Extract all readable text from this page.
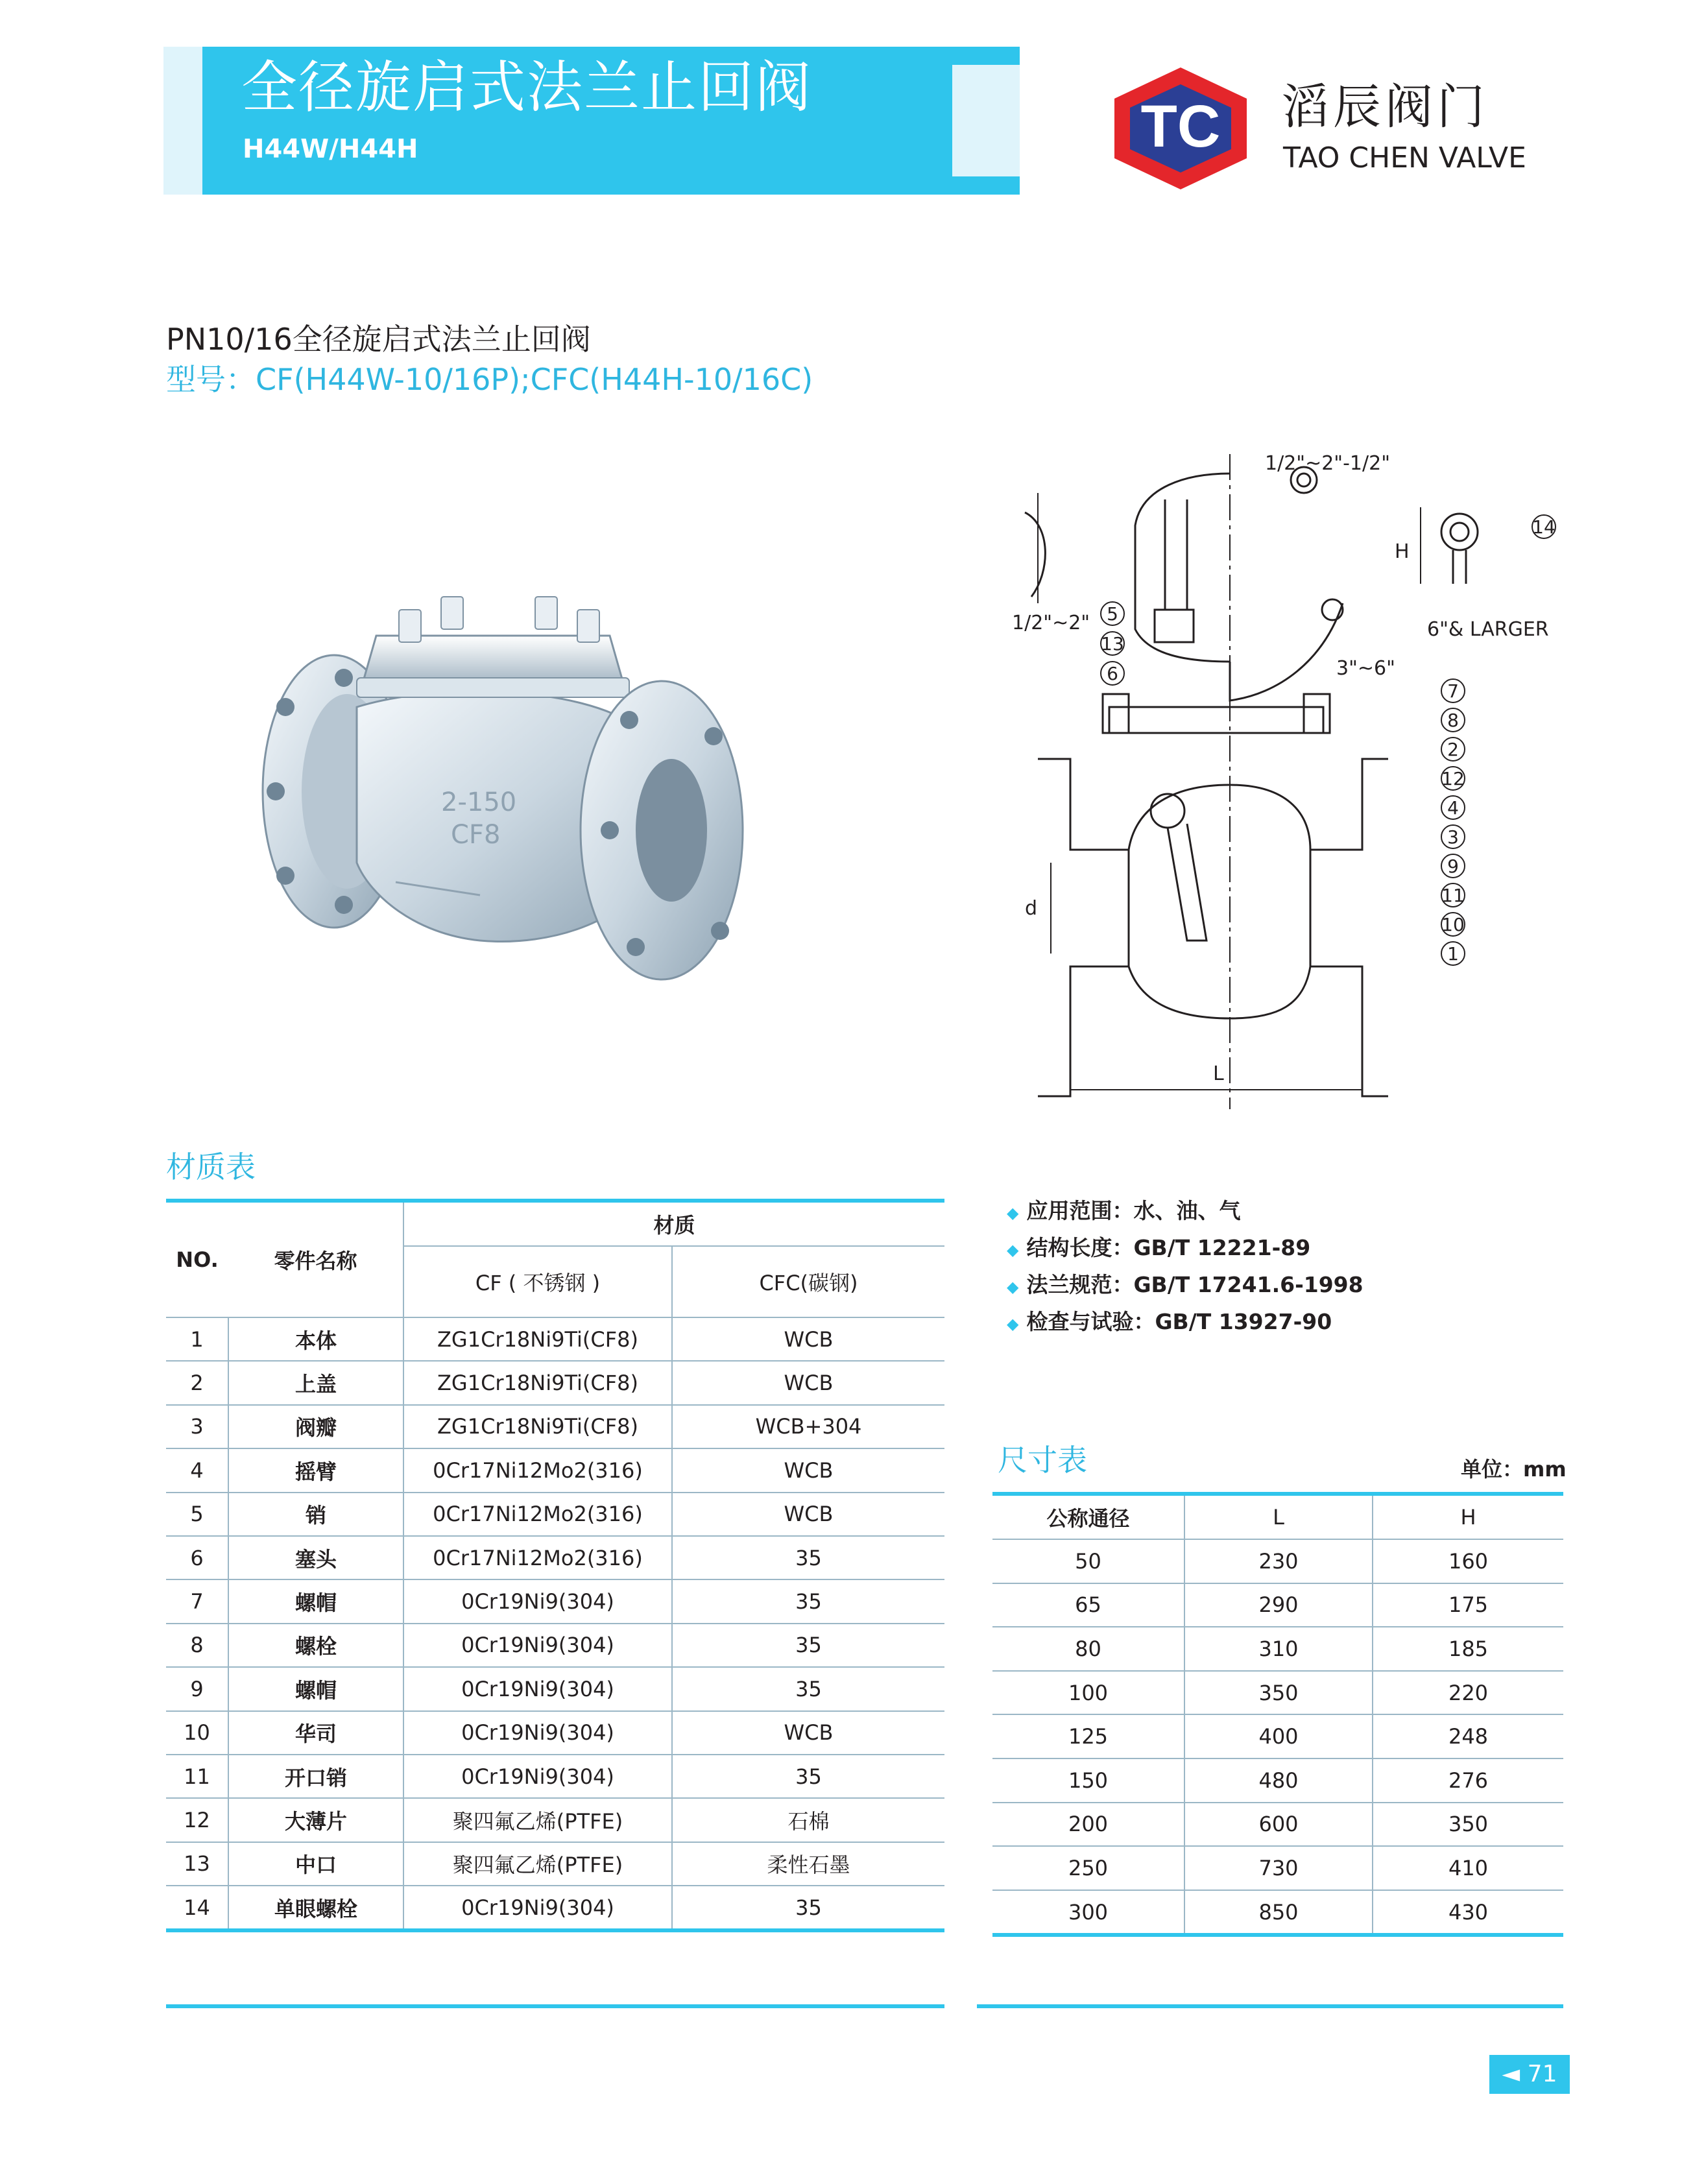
全径旋启式法兰止回阀
H44W/H44H	TC 滔辰阀门
TAO CHEN VALVE
PN10/16全径旋启式法兰止回阀
型号：CF(H44W-10/16P);CFC(H44H-10/16C)
2-150
CF8
1/2"~2"-1/2"
1/2"~2"
3"~6"
6"& LARGER
H
L
d
5
13
6
14
7
8
2
12
4
3
9
11
10
1
材质表
NO.	零件名称	材质	
		CF ( 不锈钢 )	CFC(碳钢)
1	本体	ZG1Cr18Ni9Ti(CF8)	WCB
2	上盖	ZG1Cr18Ni9Ti(CF8)	WCB
3	阀瓣	ZG1Cr18Ni9Ti(CF8)	WCB+304
4	摇臂	0Cr17Ni12Mo2(316)	WCB
5	销	0Cr17Ni12Mo2(316)	WCB
6	塞头	0Cr17Ni12Mo2(316)	35
7	螺帽	0Cr19Ni9(304)	35
8	螺栓	0Cr19Ni9(304)	35
9	螺帽	0Cr19Ni9(304)	35
10	华司	0Cr19Ni9(304)	WCB
11	开口销	0Cr19Ni9(304)	35
12	大薄片	聚四氟乙烯(PTFE)	石棉
13	中口	聚四氟乙烯(PTFE)	柔性石墨
14	单眼螺栓	0Cr19Ni9(304)	35
◆ 应用范围：水、油、气
◆ 结构长度：GB/T 12221-89
◆ 法兰规范：GB/T 17241.6-1998
◆ 检查与试验：GB/T 13927-90
尺寸表	单位：mm
公称通径	L	H
50	230	160
65	290	175
80	310	185
100	350	220
125	400	248
150	480	276
200	600	350
250	730	410
300	850	430
◄ 71
